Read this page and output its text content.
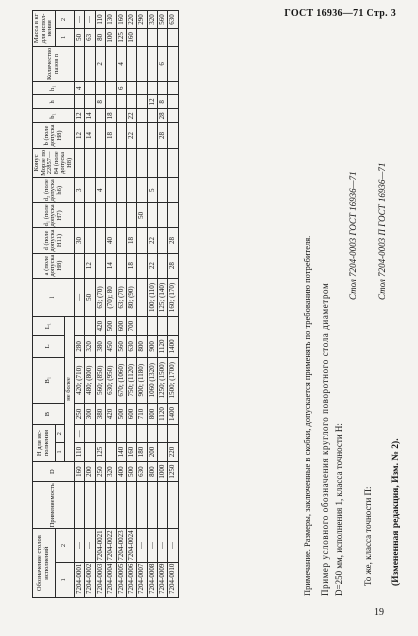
ГОСТ 16936—71 Стр. 3
Обозначение столов исполнений		Применяемость	D	H для ис-полнения		B	B₁	L	L₁	l	a (поле допуска H8)	d (поле допуска H11)	d₁ (поле допуска H7)	d₂ (поле допуска h6)	Конус Морзе по 22857—84 (поле допуска H8)	b (поле допуска H8)	b₁	h	h₁	Количество пазов n	Масса в кг для испол-нения	
1	2			1	2																1	2
				не более																		
7204-0001	—		160	110	—	250	420; (710)	280		—		30		3		12	12		4		50	—
7204-0002	—		200			300	480; (800)	320		50	12					14	14				63	—
7204-0003	7204-0021		250	125		380	560; (850)	380	420	63; (70)				4				8		2	80	110
7204-0004	7204-0022		320			420	630; (950)	450	500	(70); 80	14	40				18	18				100	130
7204-0005	7204-0023		400	140		500	670; (1060)	560	600	63; (70)									6	4	125	160
7204-0006	7204-0024		500	160		600	750; (1120)	630	700	80; (90)	18	18				22	22				160	220
7204-0007	—		630	180		710	900; (1180)	800					50									290
7204-0008	—		800	200		800	1060 (1320)	900		100; (110)	22	22		5				12				320
7204-0009	—		1000			1120	1250; (1500)	1120		125; (140)						28	28	8		6		560
7204-0010	—		1250	220		1400	1500; (1700)	1400		160; (170)	28	28										630
Примечание. Размеры, заключенные в скобки, допускается применять по требованию потребителя. Пример условного обозначения круглого поворотного стола диаметром D=250 мм, исполнения 1, класса точности Н:
Стол 7204-0003 ГОСТ 16936—71
То же, класса точности П:
Стол 7204-0003 П ГОСТ 16936—71
(Измененная редакция, Изм. № 2).
19
